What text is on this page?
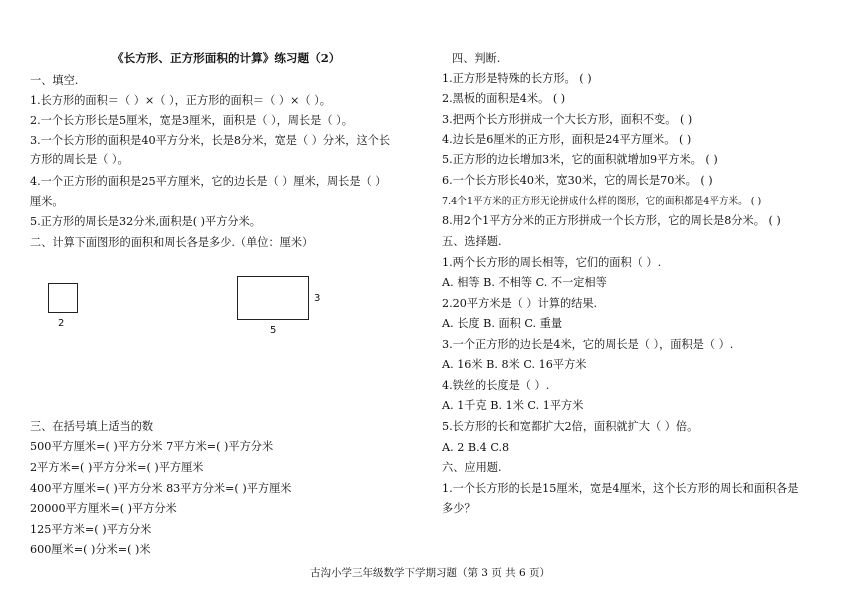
《长方形、正方形面积的计算》练习题（2）
一、填空.
1.长方形的面积＝（ ）×（ ），正方形的面积＝（ ）×（ ）。
2.一个长方形长是5厘米，宽是3厘米，面积是（ ），周长是（ ）。
3.一个长方形的面积是40平方分米，长是8分米，宽是（ ）分米，这个长
方形的周长是（ ）。
4.一个正方形的面积是25平方厘米，它的边长是（ ）厘米，周长是（ ）
厘米。
5.正方形的周长是32分米,面积是( )平方分米。
二、计算下面图形的面积和周长各是多少.（单位：厘米）
2
5
3
三、在括号填上适当的数
500平方厘米=( )平方分米 7平方米=( )平方分米
2平方米=( )平方分米=( )平方厘米
400平方厘米=( )平方分米 83平方分米=( )平方厘米
20000平方厘米=( )平方分米
125平方米=( )平方分米
600厘米=( )分米=( )米
四、判断.
1.正方形是特殊的长方形。 ( )
2.黑板的面积是4米。 ( )
3.把两个长方形拼成一个大长方形，面积不变。 ( )
4.边长是6厘米的正方形，面积是24平方厘米。 ( )
5.正方形的边长增加3米，它的面积就增加9平方米。 ( )
6.一个长方形长40米，宽30米，它的周长是70米。 ( )
7.4个1平方米的正方形无论拼成什么样的图形，它的面积都是4平方米。 ( )
8.用2个1平方分米的正方形拼成一个长方形，它的周长是8分米。 ( )
五、选择题.
1.两个长方形的周长相等，它们的面积（ ）.
A. 相等 B. 不相等 C. 不一定相等
2.20平方米是（ ）计算的结果.
A. 长度 B. 面积 C. 重量
3.一个正方形的边长是4米，它的周长是（ ），面积是（ ）.
A. 16米 B. 8米 C. 16平方米
4.铁丝的长度是（ ）.
A. 1千克 B. 1米 C. 1平方米
5.长方形的长和宽都扩大2倍，面积就扩大（ ）倍。
A. 2 B.4 C.8
六、应用题.
1.一个长方形的长是15厘米，宽是4厘米，这个长方形的周长和面积各是
多少？
古沟小学三年级数学下学期习题（第 3 页 共 6 页）
